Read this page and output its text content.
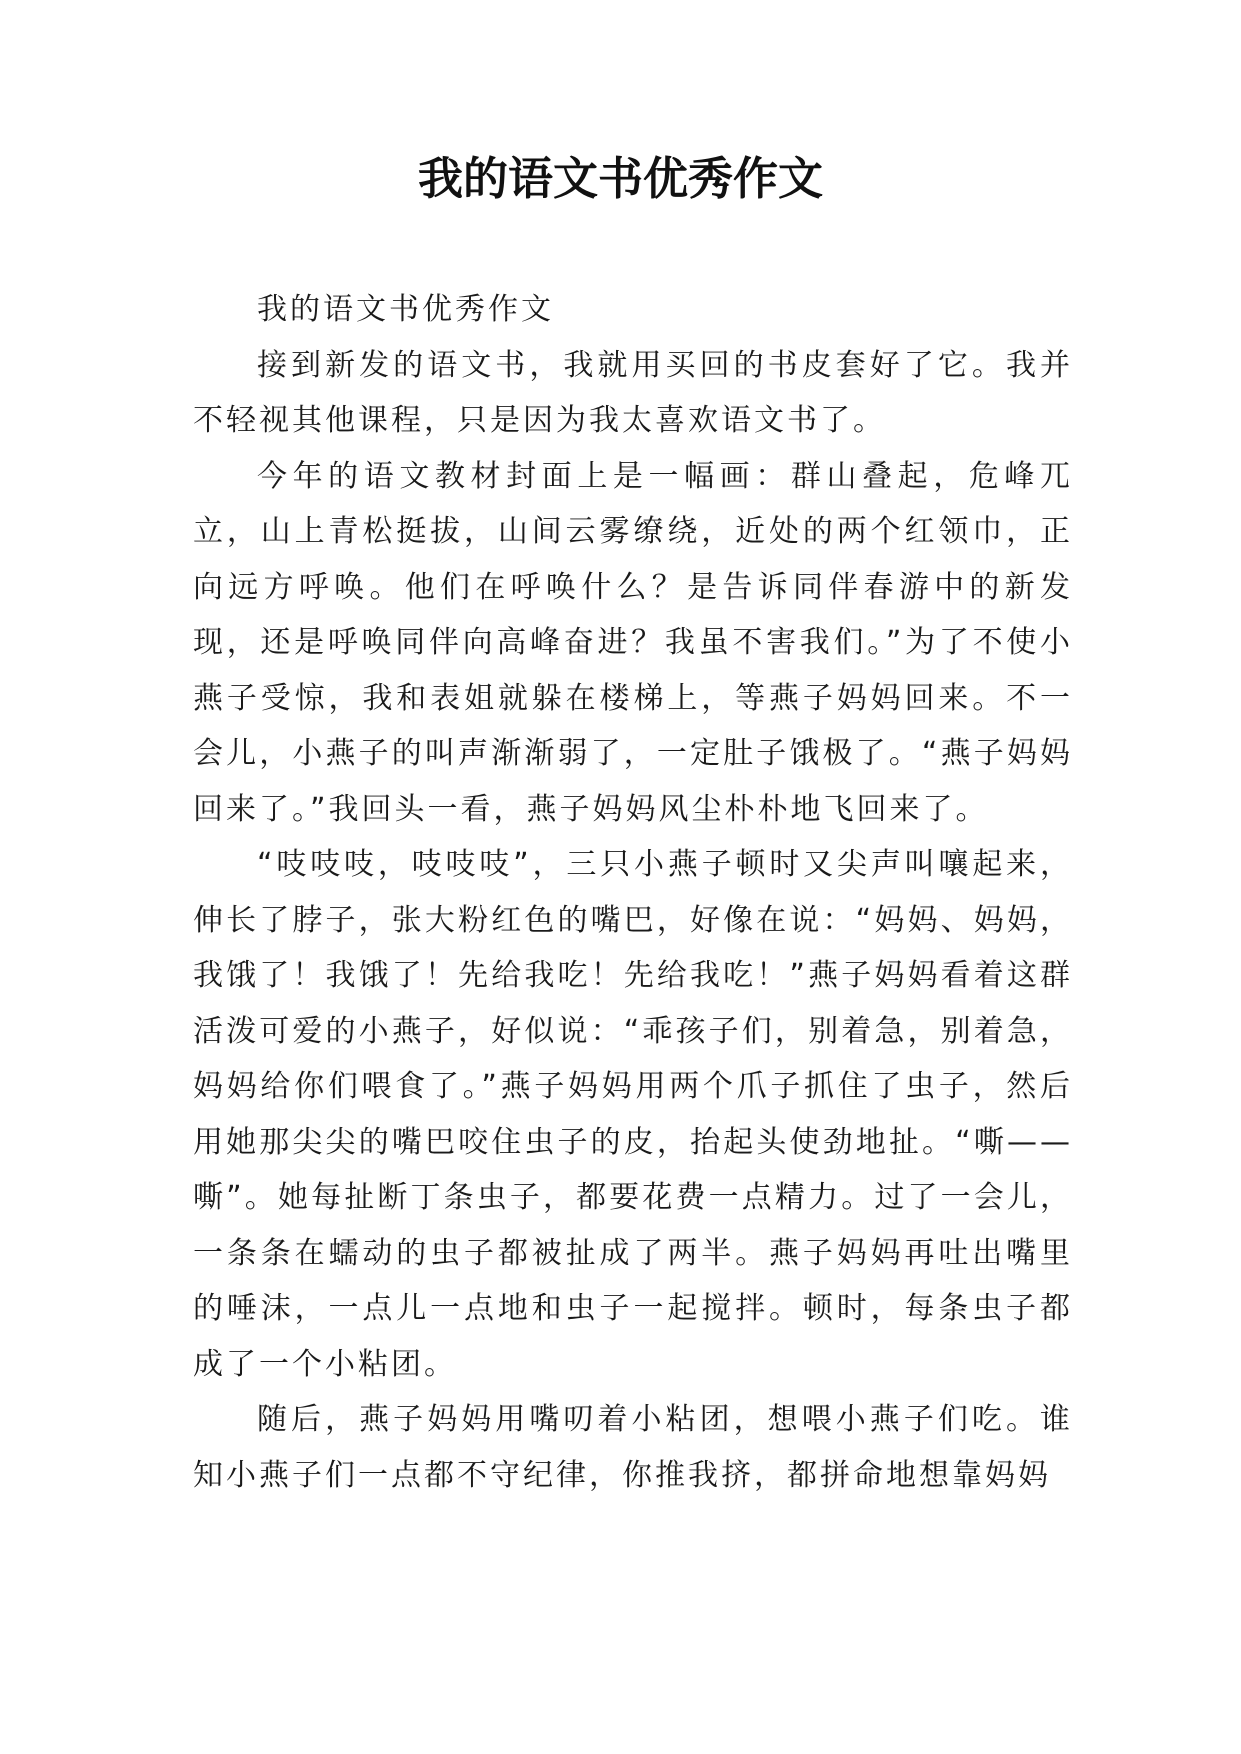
我的语文书优秀作文

我的语文书优秀作文

接到新发的语文书，我就用买回的书皮套好了它。我并不轻视其他课程，只是因为我太喜欢语文书了。

今年的语文教材封面上是一幅画：群山叠起，危峰兀立，山上青松挺拔，山间云雾缭绕，近处的两个红领巾，正向远方呼唤。他们在呼唤什么？是告诉同伴春游中的新发现，还是呼唤同伴向高峰奋进？我虽不害我们。”为了不使小燕子受惊，我和表姐就躲在楼梯上，等燕子妈妈回来。不一会儿，小燕子的叫声渐渐弱了，一定肚子饿极了。“燕子妈妈回来了。”我回头一看，燕子妈妈风尘朴朴地飞回来了。

“吱吱吱，吱吱吱”，三只小燕子顿时又尖声叫嚷起来，伸长了脖子，张大粉红色的嘴巴，好像在说：“妈妈、妈妈，我饿了！我饿了！先给我吃！先给我吃！”燕子妈妈看着这群活泼可爱的小燕子，好似说：“乖孩子们，别着急，别着急，妈妈给你们喂食了。”燕子妈妈用两个爪子抓住了虫子，然后用她那尖尖的嘴巴咬住虫子的皮，抬起头使劲地扯。“嘶——嘶”。她每扯断丁条虫子，都要花费一点精力。过了一会儿，一条条在蠕动的虫子都被扯成了两半。燕子妈妈再吐出嘴里的唾沫，一点儿一点地和虫子一起搅拌。顿时，每条虫子都成了一个小粘团。

随后，燕子妈妈用嘴叨着小粘团，想喂小燕子们吃。谁知小燕子们一点都不守纪律，你推我挤，都拼命地想靠妈妈
